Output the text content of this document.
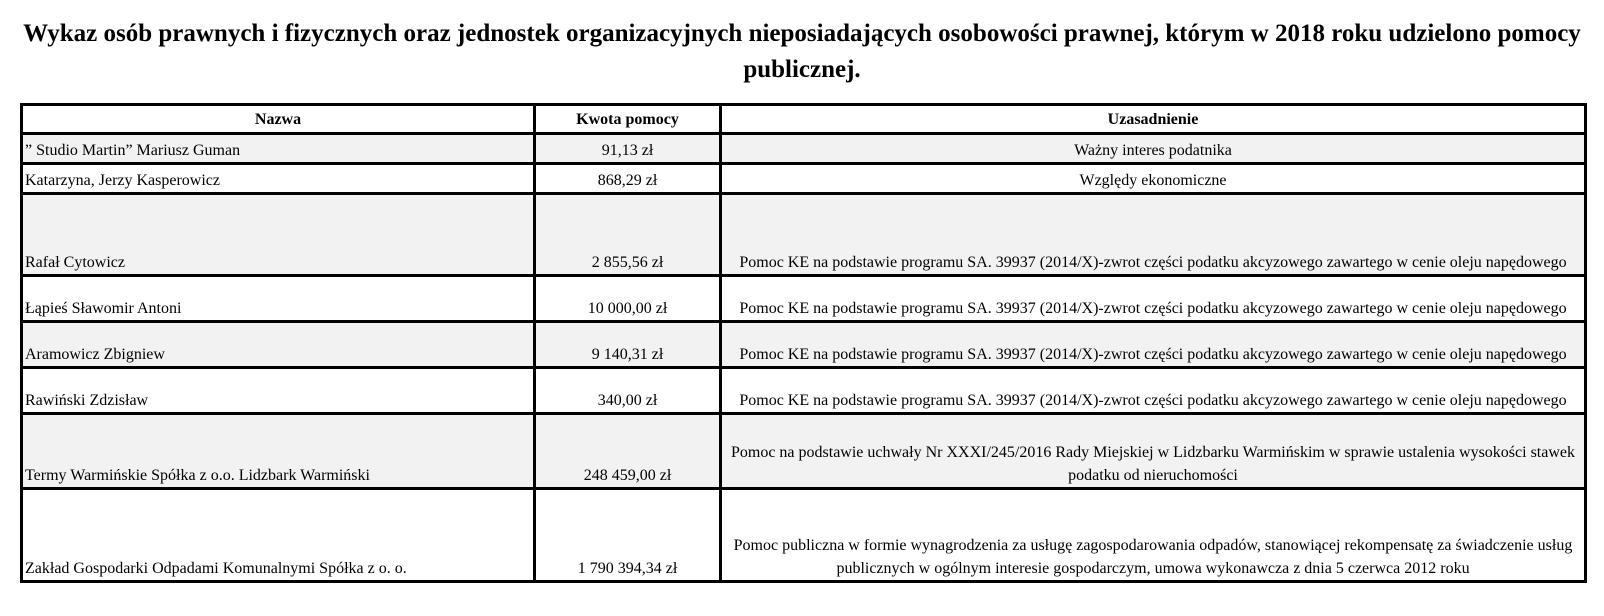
Wykaz osób prawnych i fizycznych oraz jednostek organizacyjnych nieposiadających osobowości prawnej, którym w 2018 roku udzielono pomocy publicznej.
Nazwa	Kwota pomocy	Uzasadnienie
” Studio Martin” Mariusz Guman	91,13 zł	Ważny interes podatnika
Katarzyna, Jerzy Kasperowicz	868,29 zł	Względy ekonomiczne
Rafał Cytowicz	2 855,56 zł	Pomoc KE na podstawie programu SA. 39937 (2014/X)-zwrot części podatku akcyzowego zawartego w cenie oleju napędowego
Łąpieś Sławomir Antoni	10 000,00 zł	Pomoc KE na podstawie programu SA. 39937 (2014/X)-zwrot części podatku akcyzowego zawartego w cenie oleju napędowego
Aramowicz Zbigniew	9 140,31 zł	Pomoc KE na podstawie programu SA. 39937 (2014/X)-zwrot części podatku akcyzowego zawartego w cenie oleju napędowego
Rawiński Zdzisław	340,00 zł	Pomoc KE na podstawie programu SA. 39937 (2014/X)-zwrot części podatku akcyzowego zawartego w cenie oleju napędowego
Termy Warmińskie Spółka z o.o. Lidzbark Warmiński	248 459,00 zł	Pomoc na podstawie uchwały Nr XXXI/245/2016 Rady Miejskiej w Lidzbarku Warmińskim w sprawie ustalenia wysokości stawek podatku od nieruchomości
Zakład Gospodarki Odpadami Komunalnymi Spółka z o. o.	1 790 394,34 zł	Pomoc publiczna w formie wynagrodzenia za usługę zagospodarowania odpadów, stanowiącej rekompensatę za świadczenie usług publicznych w ogólnym interesie gospodarczym, umowa wykonawcza z dnia 5 czerwca 2012 roku
